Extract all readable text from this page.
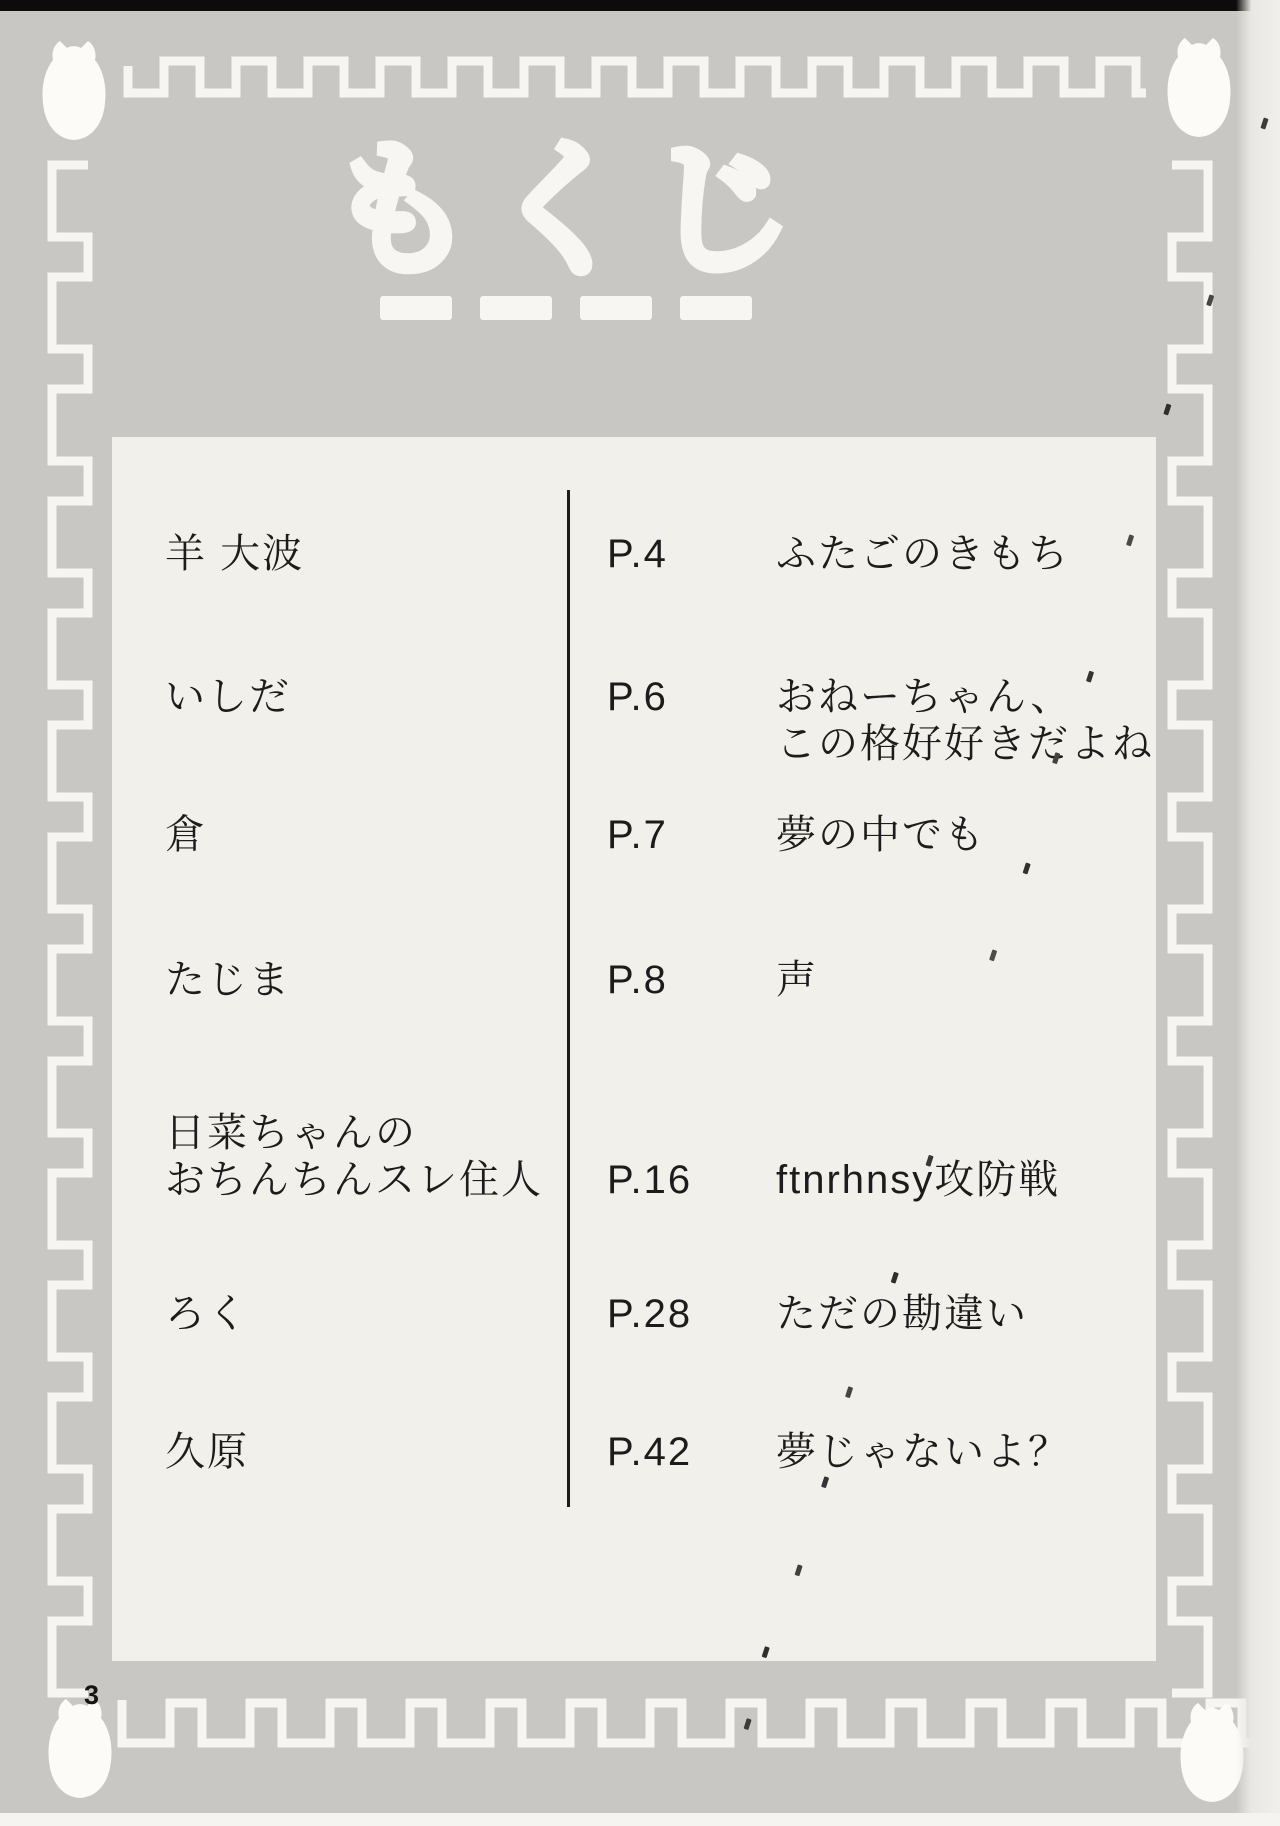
もくじ
羊 大波	P.4	ふたごのきもち
いしだ	P.6	おねーちゃん、
この格好好きだよね
倉	P.7	夢の中でも
たじま	P.8	声
日菜ちゃんの
おちんちんスレ住人 P.16 ftnrhnsy攻防戦
ろく	P.28 ただの勘違い
久原	P.42 夢じゃないよ？
3
